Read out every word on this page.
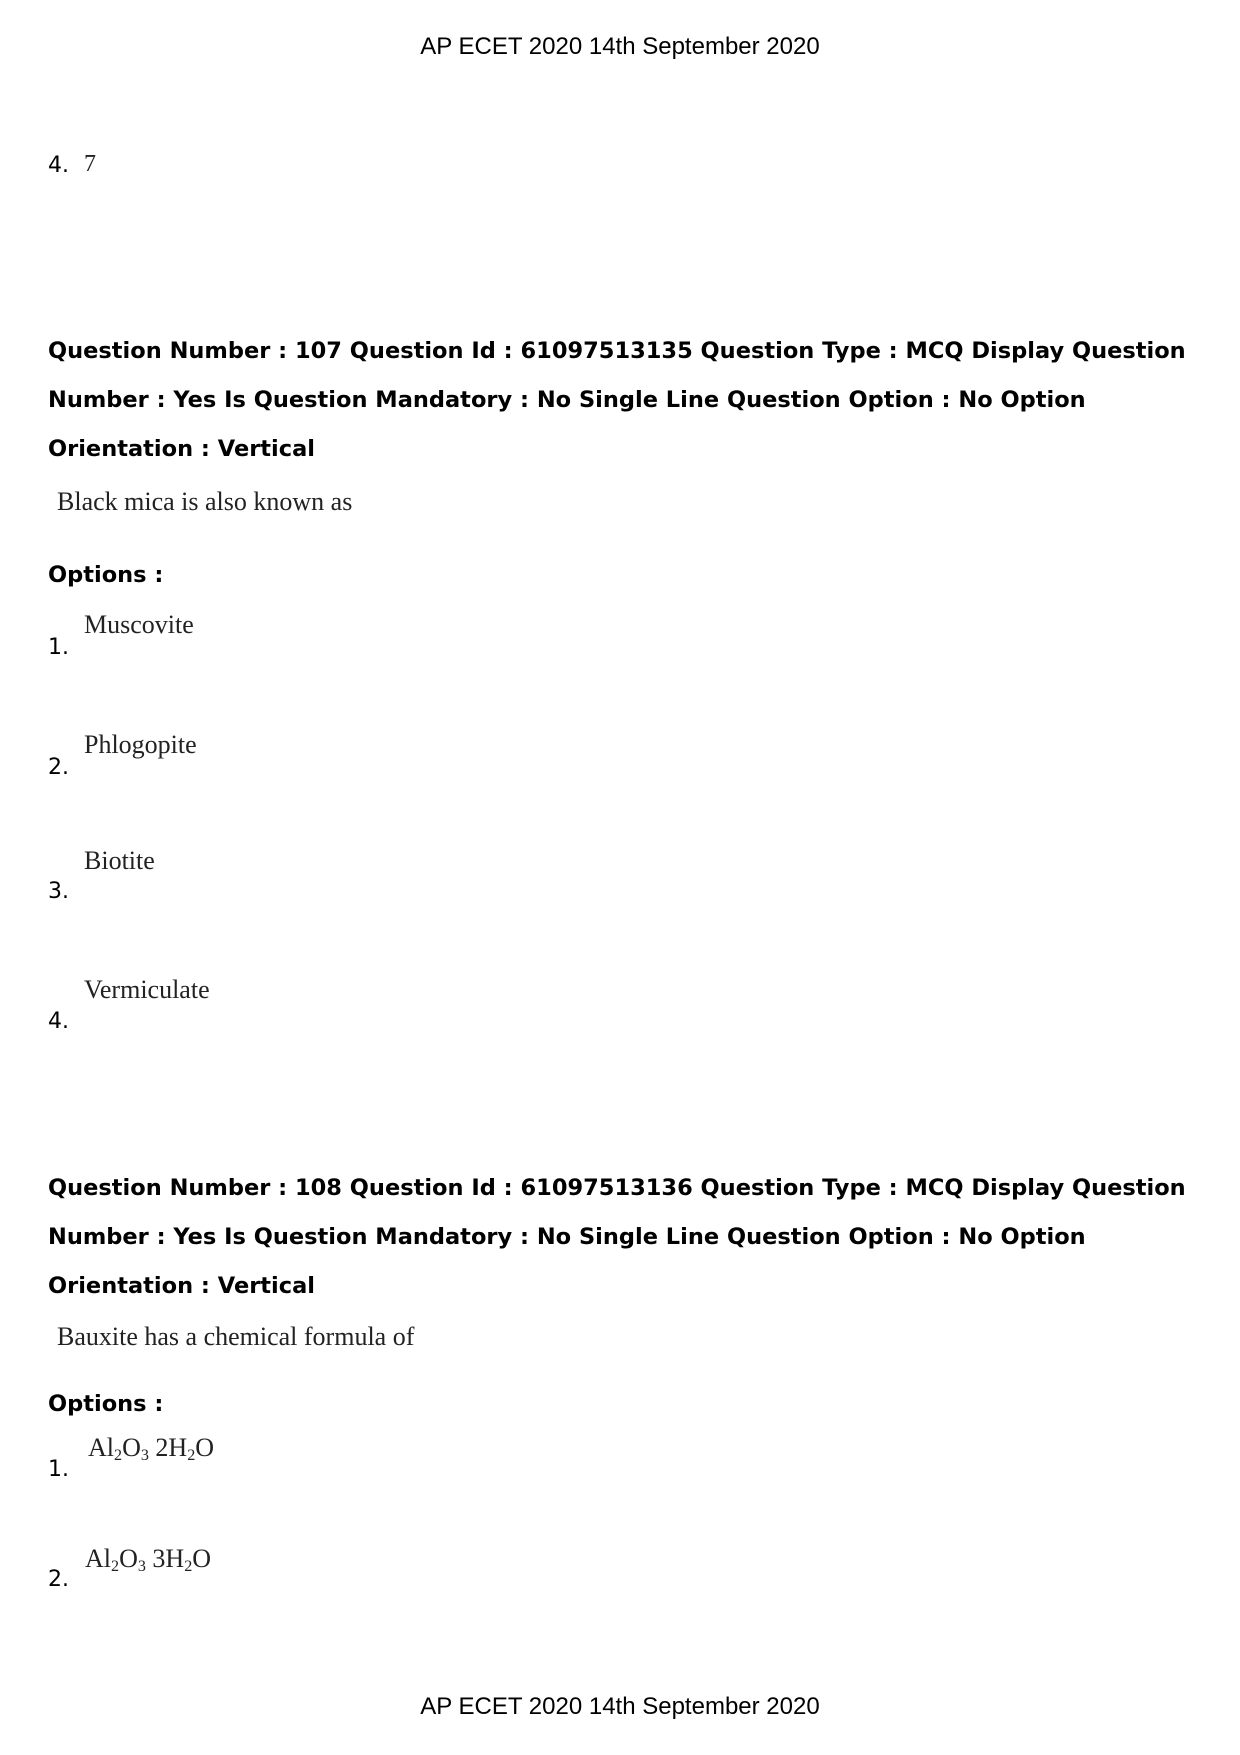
AP ECET 2020 14th September 2020
4. 7
Question Number : 107 Question Id : 61097513135 Question Type : MCQ Display Question Number : Yes Is Question Mandatory : No Single Line Question Option : No Option Orientation : Vertical
Black mica is also known as
Options :
1.
Muscovite
2.
Phlogopite
3.
Biotite
4.
Vermiculate
Question Number : 108 Question Id : 61097513136 Question Type : MCQ Display Question Number : Yes Is Question Mandatory : No Single Line Question Option : No Option Orientation : Vertical
Bauxite has a chemical formula of
Options :
1.
$Al_2O_3$ $2H_2O$
2.
$Al_2O_3$ $3H_2O$
AP ECET 2020 14th September 2020
